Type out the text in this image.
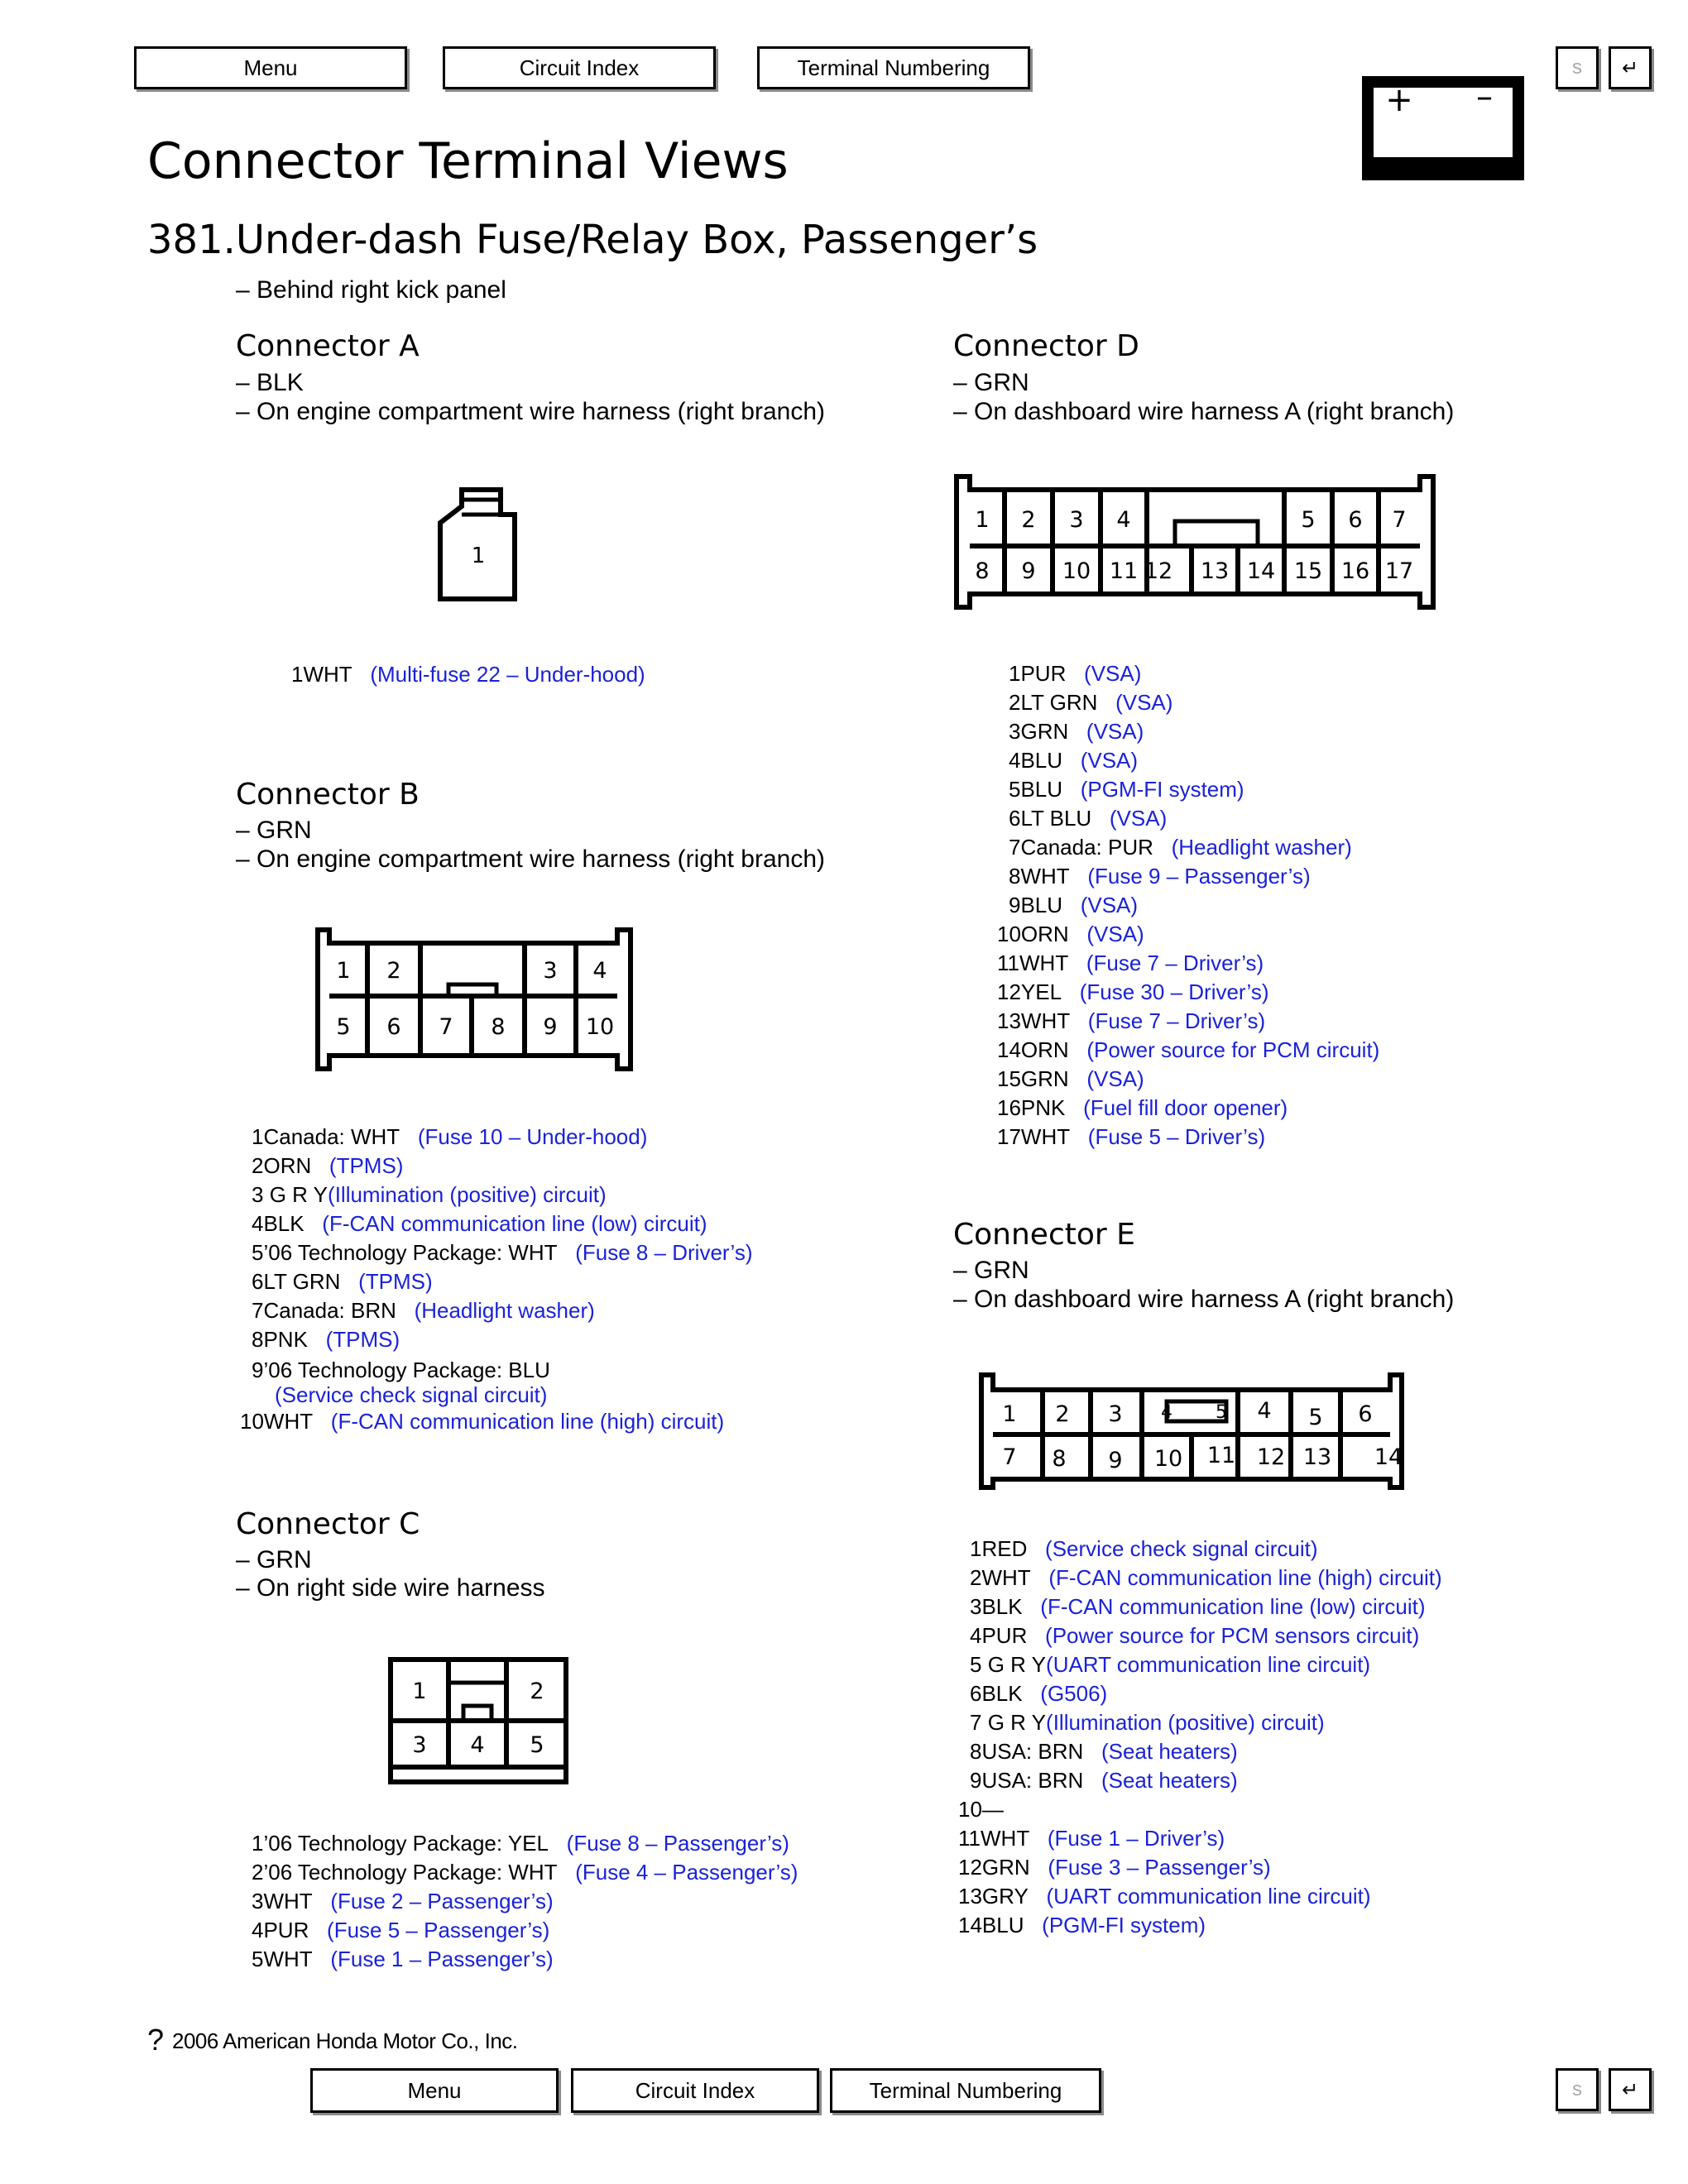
Menu	Circuit Index	Terminal Numbering	s	↵
+ –
Connector Terminal Views
381.Under-dash Fuse/Relay Box, Passenger’s
– Behind right kick panel
Connector A
– BLK
– On engine compartment wire harness (right branch)
1
1WHT (Multi-fuse 22 – Under-hood)
Connector B
– GRN
– On engine compartment wire harness (right branch)
1 2	3 4
5 6 7 8 9 10
1Canada: WHT (Fuse 10 – Under-hood)
2ORN (TPMS)
3 G R Y(Illumination (positive) circuit)
4BLK (F-CAN communication line (low) circuit)
5’06 Technology Package: WHT (Fuse 8 – Driver’s)
6LT GRN (TPMS)
7Canada: BRN (Headlight washer)
8PNK (TPMS)
9’06 Technology Package: BLU
(Service check signal circuit)
10WHT (F-CAN communication line (high) circuit)
Connector C
– GRN
– On right side wire harness
1	2
3 4 5
1’06 Technology Package: YEL (Fuse 8 – Passenger’s)
2’06 Technology Package: WHT (Fuse 4 – Passenger’s)
3WHT (Fuse 2 – Passenger’s)
4PUR (Fuse 5 – Passenger’s)
5WHT (Fuse 1 – Passenger’s)
Connector D
– GRN
– On dashboard wire harness A (right branch)
1 2 3 4	5 6 7
8 9 10 11 12 13 14 15 16 17
1PUR (VSA)
2LT GRN (VSA)
3GRN (VSA)
4BLU (VSA)
5BLU (PGM-FI system)
6LT BLU (VSA)
7Canada: PUR (Headlight washer)
8WHT (Fuse 9 – Passenger’s)
9BLU (VSA)
10ORN (VSA)
11WHT (Fuse 7 – Driver’s)
12YEL (Fuse 30 – Driver’s)
13WHT (Fuse 7 – Driver’s)
14ORN (Power source for PCM circuit)
15GRN (VSA)
16PNK (Fuel fill door opener)
17WHT (Fuse 5 – Driver’s)
Connector E
– GRN
– On dashboard wire harness A (right branch)
1 2 3 4 5 4 5 6
7 8 9 10 11 12 13 14
1RED (Service check signal circuit)
2WHT (F-CAN communication line (high) circuit)
3BLK (F-CAN communication line (low) circuit)
4PUR (Power source for PCM sensors circuit)
5 G R Y(UART communication line circuit)
6BLK (G506)
7 G R Y(Illumination (positive) circuit)
8USA: BRN (Seat heaters)
9USA: BRN (Seat heaters)
10—
11WHT (Fuse 1 – Driver’s)
12GRN (Fuse 3 – Passenger’s)
13GRY (UART communication line circuit)
14BLU (PGM-FI system)
? 2006 American Honda Motor Co., Inc.
Menu	Circuit Index	Terminal Numbering	s	↵
